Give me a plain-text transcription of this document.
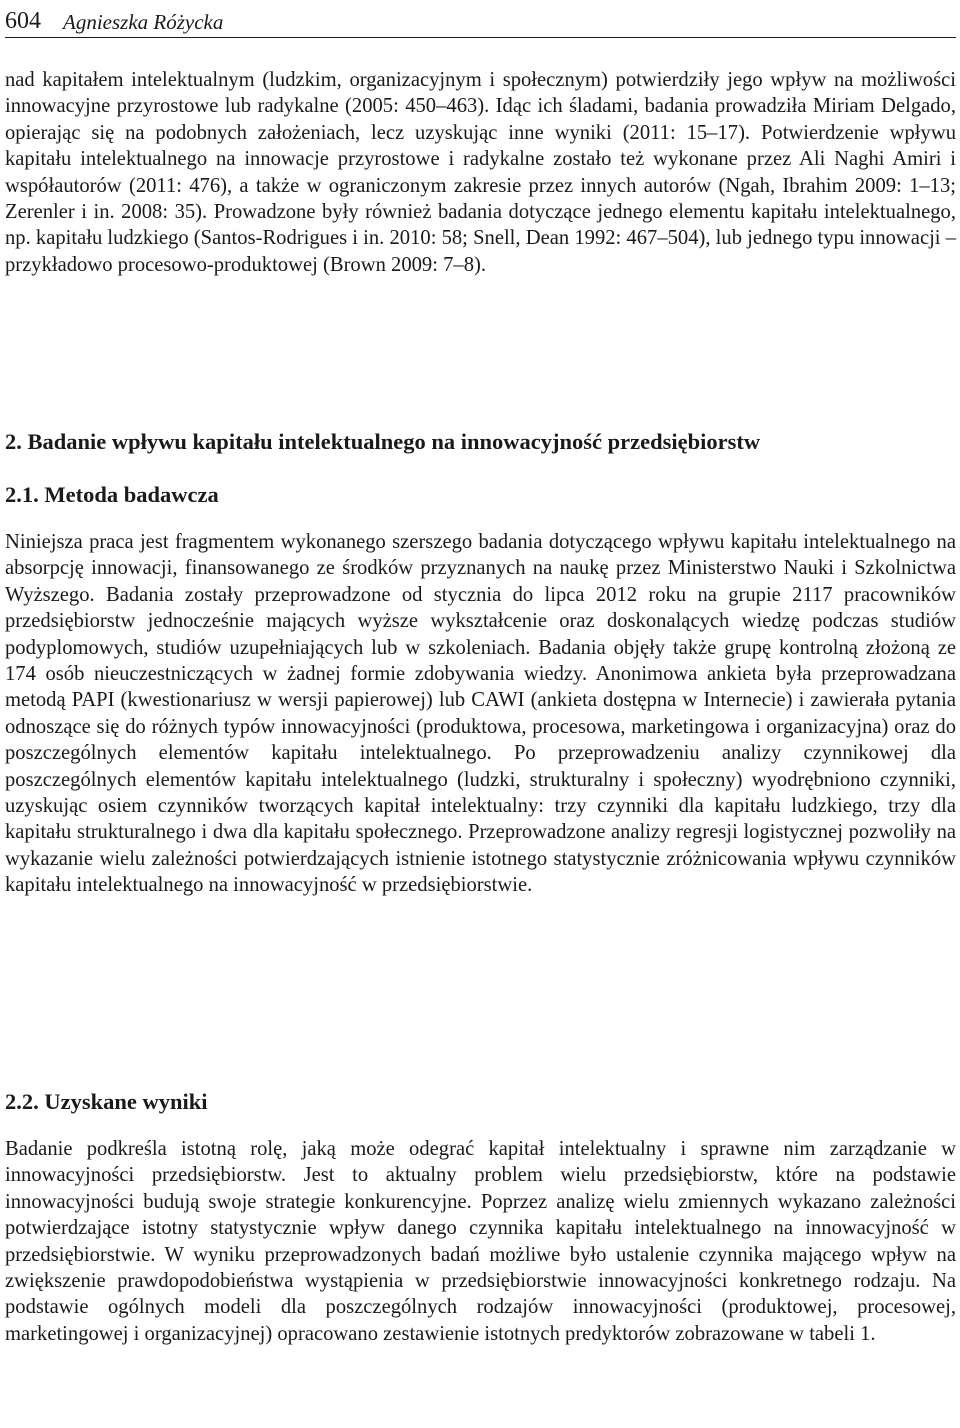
604 Agnieszka Różycka

nad kapitałem intelektualnym (ludzkim, organizacyjnym i społecznym) potwierdziły jego wpływ na możliwości innowacyjne przyrostowe lub radykalne (2005: 450–463). Idąc ich śladami, badania prowadziła Miriam Delgado, opierając się na podobnych założeniach, lecz uzyskując inne wyniki (2011: 15–17). Potwierdzenie wpływu kapitału intelektualnego na innowacje przyrostowe i radykalne zostało też wykonane przez Ali Naghi Amiri i współautorów (2011: 476), a także w ograniczonym zakresie przez innych autorów (Ngah, Ibrahim 2009: 1–13; Zerenler i in. 2008: 35). Prowadzone były również badania dotyczące jednego elementu kapitału intelektualnego, np. kapitału ludzkiego (Santos-Rodrigues i in. 2010: 58; Snell, Dean 1992: 467–504), lub jednego typu innowacji – przykładowo procesowo-produktowej (Brown 2009: 7–8).

2. Badanie wpływu kapitału intelektualnego na innowacyjność przedsiębiorstw
2.1. Metoda badawcza

Niniejsza praca jest fragmentem wykonanego szerszego badania dotyczącego wpływu kapitału intelektualnego na absorpcję innowacji, finansowanego ze środków przyznanych na naukę przez Ministerstwo Nauki i Szkolnictwa Wyższego. Badania zostały przeprowadzone od stycznia do lipca 2012 roku na grupie 2117 pracowników przedsiębiorstw jednocześnie mających wyższe wykształcenie oraz doskonalących wiedzę podczas studiów podyplomowych, studiów uzupełniających lub w szkoleniach. Badania objęły także grupę kontrolną złożoną ze 174 osób nieuczestniczących w żadnej formie zdobywania wiedzy. Anonimowa ankieta była przeprowadzana metodą PAPI (kwestionariusz w wersji papierowej) lub CAWI (ankieta dostępna w Internecie) i zawierała pytania odnoszące się do różnych typów innowacyjności (produktowa, procesowa, marketingowa i organizacyjna) oraz do poszczególnych elementów kapitału intelektualnego. Po przeprowadzeniu analizy czynnikowej dla poszczególnych elementów kapitału intelektualnego (ludzki, strukturalny i społeczny) wyodrębniono czynniki, uzyskując osiem czynników tworzących kapitał intelektualny: trzy czynniki dla kapitału ludzkiego, trzy dla kapitału strukturalnego i dwa dla kapitału społecznego. Przeprowadzone analizy regresji logistycznej pozwoliły na wykazanie wielu zależności potwierdzających istnienie istotnego statystycznie zróżnicowania wpływu czynników kapitału intelektualnego na innowacyjność w przedsiębiorstwie.

2.2. Uzyskane wyniki

Badanie podkreśla istotną rolę, jaką może odegrać kapitał intelektualny i sprawne nim zarządzanie w innowacyjności przedsiębiorstw. Jest to aktualny problem wielu przedsiębiorstw, które na podstawie innowacyjności budują swoje strategie konkurencyjne. Poprzez analizę wielu zmiennych wykazano zależności potwierdzające istotny statystycznie wpływ danego czynnika kapitału intelektualnego na innowacyjność w przedsiębiorstwie. W wyniku przeprowadzonych badań możliwe było ustalenie czynnika mającego wpływ na zwiększenie prawdopodobieństwa wystąpienia w przedsiębiorstwie innowacyjności konkretnego rodzaju. Na podstawie ogólnych modeli dla poszczególnych rodzajów innowacyjności (produktowej, procesowej, marketingowej i organizacyjnej) opracowano zestawienie istotnych predyktorów zobrazowane w tabeli 1.
